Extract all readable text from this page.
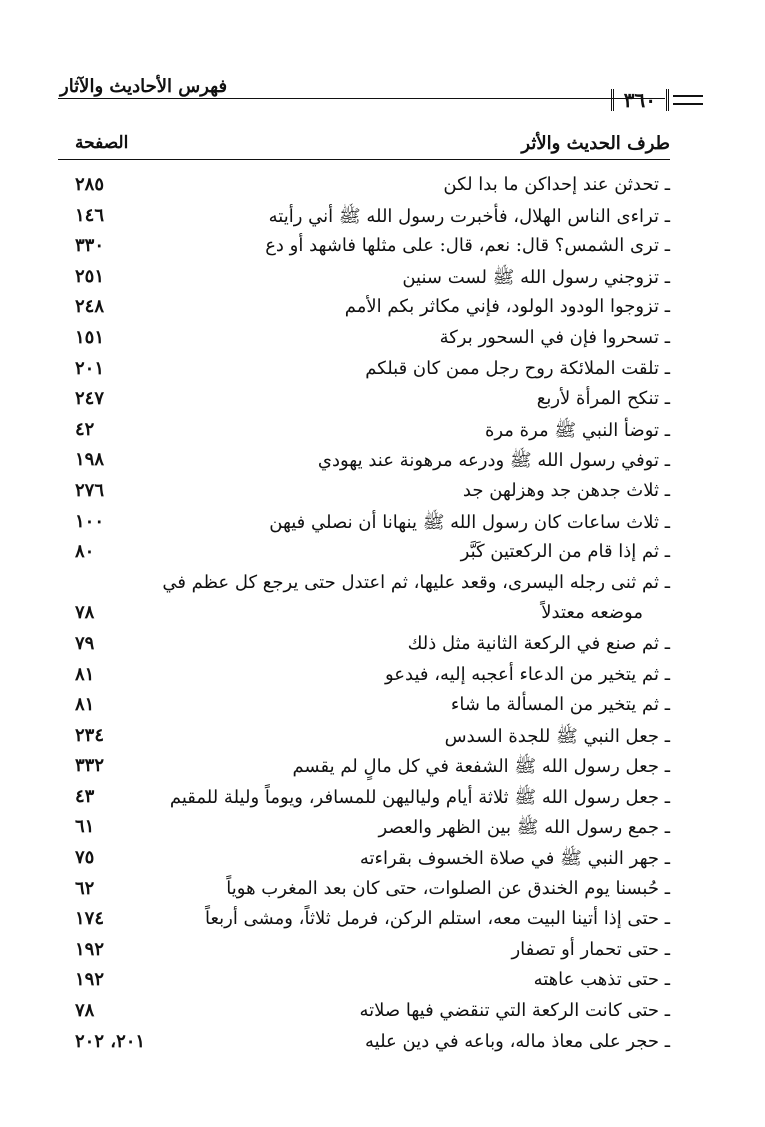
فهرس الأحاديث والآثار
٣٦٠
طرف الحديث والأثر
الصفحة
ـ تحدثن عند إحداكن ما بدا لكن
٢٨٥
ـ تراءى الناس الهلال، فأخبرت رسول الله ﷺ أني رأيته
١٤٦
ـ ترى الشمس؟ قال: نعم، قال: على مثلها فاشهد أو دع
٣٣٠
ـ تزوجني رسول الله ﷺ لست سنين
٢٥١
ـ تزوجوا الودود الولود، فإني مكاثر بكم الأمم
٢٤٨
ـ تسحروا فإن في السحور بركة
١٥١
ـ تلقت الملائكة روح رجل ممن كان قبلكم
٢٠١
ـ تنكح المرأة لأربع
٢٤٧
ـ توضأ النبي ﷺ مرة مرة
٤٢
ـ توفي رسول الله ﷺ ودرعه مرهونة عند يهودي
١٩٨
ـ ثلاث جدهن جد وهزلهن جد
٢٧٦
ـ ثلاث ساعات كان رسول الله ﷺ ينهانا أن نصلي فيهن
١٠٠
ـ ثم إذا قام من الركعتين كَبَّر
٨٠
ـ ثم ثنى رجله اليسرى، وقعد عليها، ثم اعتدل حتى يرجع كل عظم في
موضعه معتدلاً
٧٨
ـ ثم صنع في الركعة الثانية مثل ذلك
٧٩
ـ ثم يتخير من الدعاء أعجبه إليه، فيدعو
٨١
ـ ثم يتخير من المسألة ما شاء
٨١
ـ جعل النبي ﷺ للجدة السدس
٢٣٤
ـ جعل رسول الله ﷺ الشفعة في كل مالٍ لم يقسم
٣٣٢
ـ جعل رسول الله ﷺ ثلاثة أيام ولياليهن للمسافر، ويوماً وليلة للمقيم
٤٣
ـ جمع رسول الله ﷺ بين الظهر والعصر
٦١
ـ جهر النبي ﷺ في صلاة الخسوف بقراءته
٧٥
ـ حُبسنا يوم الخندق عن الصلوات، حتى كان بعد المغرب هوياً
٦٢
ـ حتى إذا أتينا البيت معه، استلم الركن، فرمل ثلاثاً، ومشى أربعاً
١٧٤
ـ حتى تحمار أو تصفار
١٩٢
ـ حتى تذهب عاهته
١٩٢
ـ حتى كانت الركعة التي تنقضي فيها صلاته
٧٨
ـ حجر على معاذ ماله، وباعه في دين عليه
٢٠١، ٢٠٢
